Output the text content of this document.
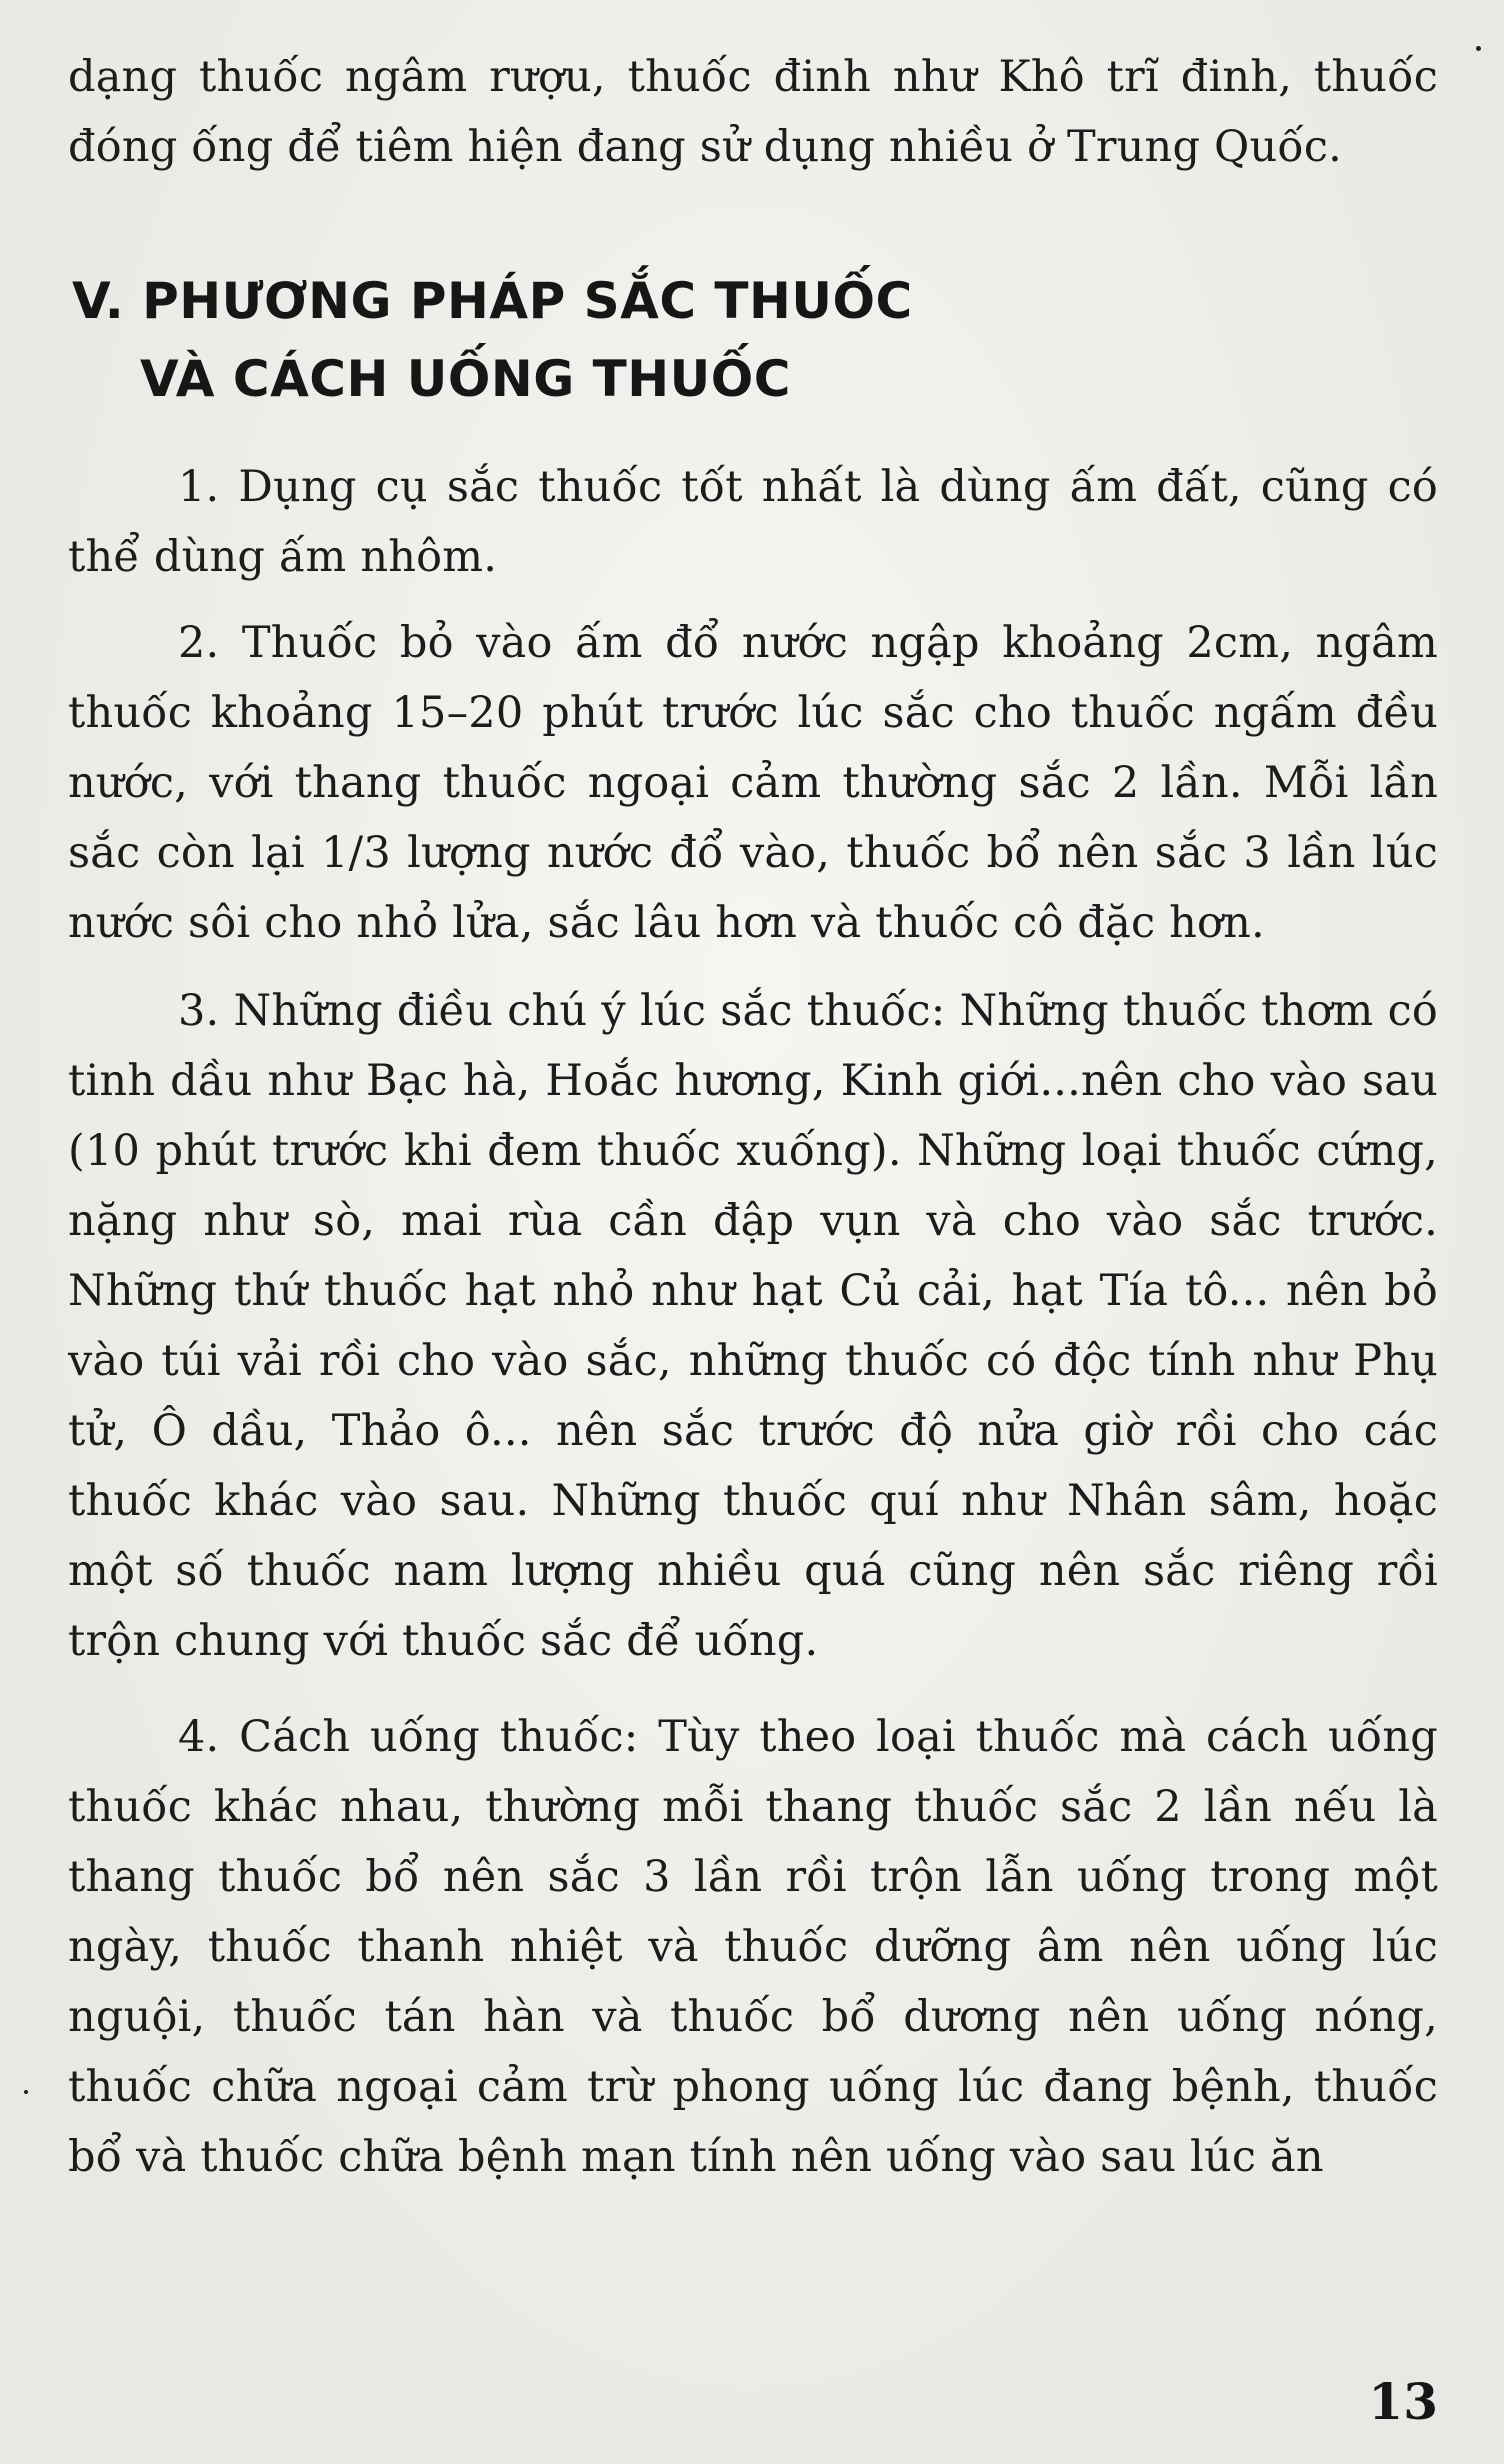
dạng thuốc ngâm rượu, thuốc đinh như Khô trĩ đinh, thuốc đóng ống để tiêm hiện đang sử dụng nhiều ở Trung Quốc.

V. PHƯƠNG PHÁP SẮC THUỐC
VÀ CÁCH UỐNG THUỐC

1. Dụng cụ sắc thuốc tốt nhất là dùng ấm đất, cũng có thể dùng ấm nhôm.

2. Thuốc bỏ vào ấm đổ nước ngập khoảng 2cm, ngâm thuốc khoảng 15–20 phút trước lúc sắc cho thuốc ngấm đều nước, với thang thuốc ngoại cảm thường sắc 2 lần. Mỗi lần sắc còn lại 1/3 lượng nước đổ vào, thuốc bổ nên sắc 3 lần lúc nước sôi cho nhỏ lửa, sắc lâu hơn và thuốc cô đặc hơn.

3. Những điều chú ý lúc sắc thuốc: Những thuốc thơm có tinh dầu như Bạc hà, Hoắc hương, Kinh giới...nên cho vào sau (10 phút trước khi đem thuốc xuống). Những loại thuốc cứng, nặng như sò, mai rùa cần đập vụn và cho vào sắc trước. Những thứ thuốc hạt nhỏ như hạt Củ cải, hạt Tía tô... nên bỏ vào túi vải rồi cho vào sắc, những thuốc có độc tính như Phụ tử, Ô dầu, Thảo ô... nên sắc trước độ nửa giờ rồi cho các thuốc khác vào sau. Những thuốc quí như Nhân sâm, hoặc một số thuốc nam lượng nhiều quá cũng nên sắc riêng rồi trộn chung với thuốc sắc để uống.

4. Cách uống thuốc: Tùy theo loại thuốc mà cách uống thuốc khác nhau, thường mỗi thang thuốc sắc 2 lần nếu là thang thuốc bổ nên sắc 3 lần rồi trộn lẫn uống trong một ngày, thuốc thanh nhiệt và thuốc dưỡng âm nên uống lúc nguội, thuốc tán hàn và thuốc bổ dương nên uống nóng, thuốc chữa ngoại cảm trừ phong uống lúc đang bệnh, thuốc bổ và thuốc chữa bệnh mạn tính nên uống vào sau lúc ăn

13
